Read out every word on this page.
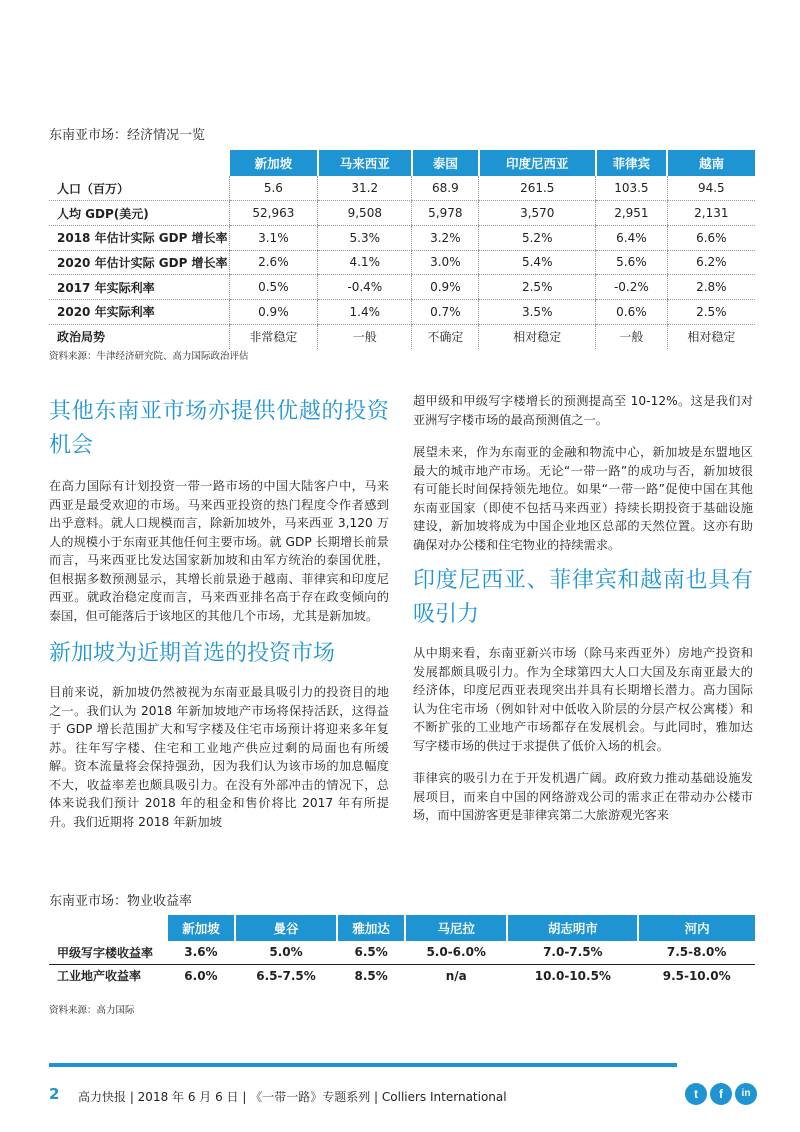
东南亚市场：经济情况一览
	新加坡	马来西亚	泰国	印度尼西亚	菲律宾	越南
人口（百万）	5.6	31.2	68.9	261.5	103.5	94.5
人均 GDP(美元)	52,963	9,508	5,978	3,570	2,951	2,131
2018 年估计实际 GDP 增长率	3.1%	5.3%	3.2%	5.2%	6.4%	6.6%
2020 年估计实际 GDP 增长率	2.6%	4.1%	3.0%	5.4%	5.6%	6.2%
2017 年实际利率	0.5%	-0.4%	0.9%	2.5%	-0.2%	2.8%
2020 年实际利率	0.9%	1.4%	0.7%	3.5%	0.6%	2.5%
政治局势	非常稳定	一般	不确定	相对稳定	一般	相对稳定
资料来源：牛津经济研究院、高力国际政治评估
其他东南亚市场亦提供优越的投资机会

在高力国际有计划投资一带一路市场的中国大陆客户中，马来西亚是最受欢迎的市场。马来西亚投资的热门程度令作者感到出乎意料。就人口规模而言，除新加坡外，马来西亚 3,120 万人的规模小于东南亚其他任何主要市场。就 GDP 长期增长前景而言，马来西亚比发达国家新加坡和由军方统治的泰国优胜，但根据多数预测显示，其增长前景逊于越南、菲律宾和印度尼西亚。就政治稳定度而言，马来西亚排名高于存在政变倾向的泰国，但可能落后于该地区的其他几个市场，尤其是新加坡。

新加坡为近期首选的投资市场

目前来说，新加坡仍然被视为东南亚最具吸引力的投资目的地之一。我们认为 2018 年新加坡地产市场将保持活跃，这得益于 GDP 增长范围扩大和写字楼及住宅市场预计将迎来多年复苏。往年写字楼、住宅和工业地产供应过剩的局面也有所缓解。资本流量将会保持强劲，因为我们认为该市场的加息幅度不大，收益率差也颇具吸引力。在没有外部冲击的情况下，总体来说我们预计 2018 年的租金和售价将比 2017 年有所提升。我们近期将 2018 年新加坡

超甲级和甲级写字楼增长的预测提高至 10-12%。这是我们对亚洲写字楼市场的最高预测值之一。

展望未来，作为东南亚的金融和物流中心，新加坡是东盟地区最大的城市地产市场。无论“一带一路”的成功与否，新加坡很有可能长时间保持领先地位。如果“一带一路”促使中国在其他东南亚国家（即使不包括马来西亚）持续长期投资于基础设施建设，新加坡将成为中国企业地区总部的天然位置。这亦有助确保对办公楼和住宅物业的持续需求。

印度尼西亚、菲律宾和越南也具有吸引力

从中期来看，东南亚新兴市场（除马来西亚外）房地产投资和发展都颇具吸引力。作为全球第四大人口大国及东南亚最大的经济体，印度尼西亚表现突出并具有长期增长潜力。高力国际认为住宅市场（例如针对中低收入阶层的分层产权公寓楼）和不断扩张的工业地产市场都存在发展机会。与此同时，雅加达写字楼市场的供过于求提供了低价入场的机会。

菲律宾的吸引力在于开发机遇广阔。政府致力推动基础设施发展项目，而来自中国的网络游戏公司的需求正在带动办公楼市场，而中国游客更是菲律宾第二大旅游观光客来

东南亚市场：物业收益率
	新加坡	曼谷	雅加达	马尼拉	胡志明市	河内
甲级写字楼收益率	3.6%	5.0%	6.5%	5.0-6.0%	7.0-7.5%	7.5-8.0%
工业地产收益率	6.0%	6.5-7.5%	8.5%	n/a	10.0-10.5%	9.5-10.0%
资料来源：高力国际
2 高力快报 | 2018 年 6 月 6 日 | 《一带一路》专题系列 | Colliers International	t	f	in
